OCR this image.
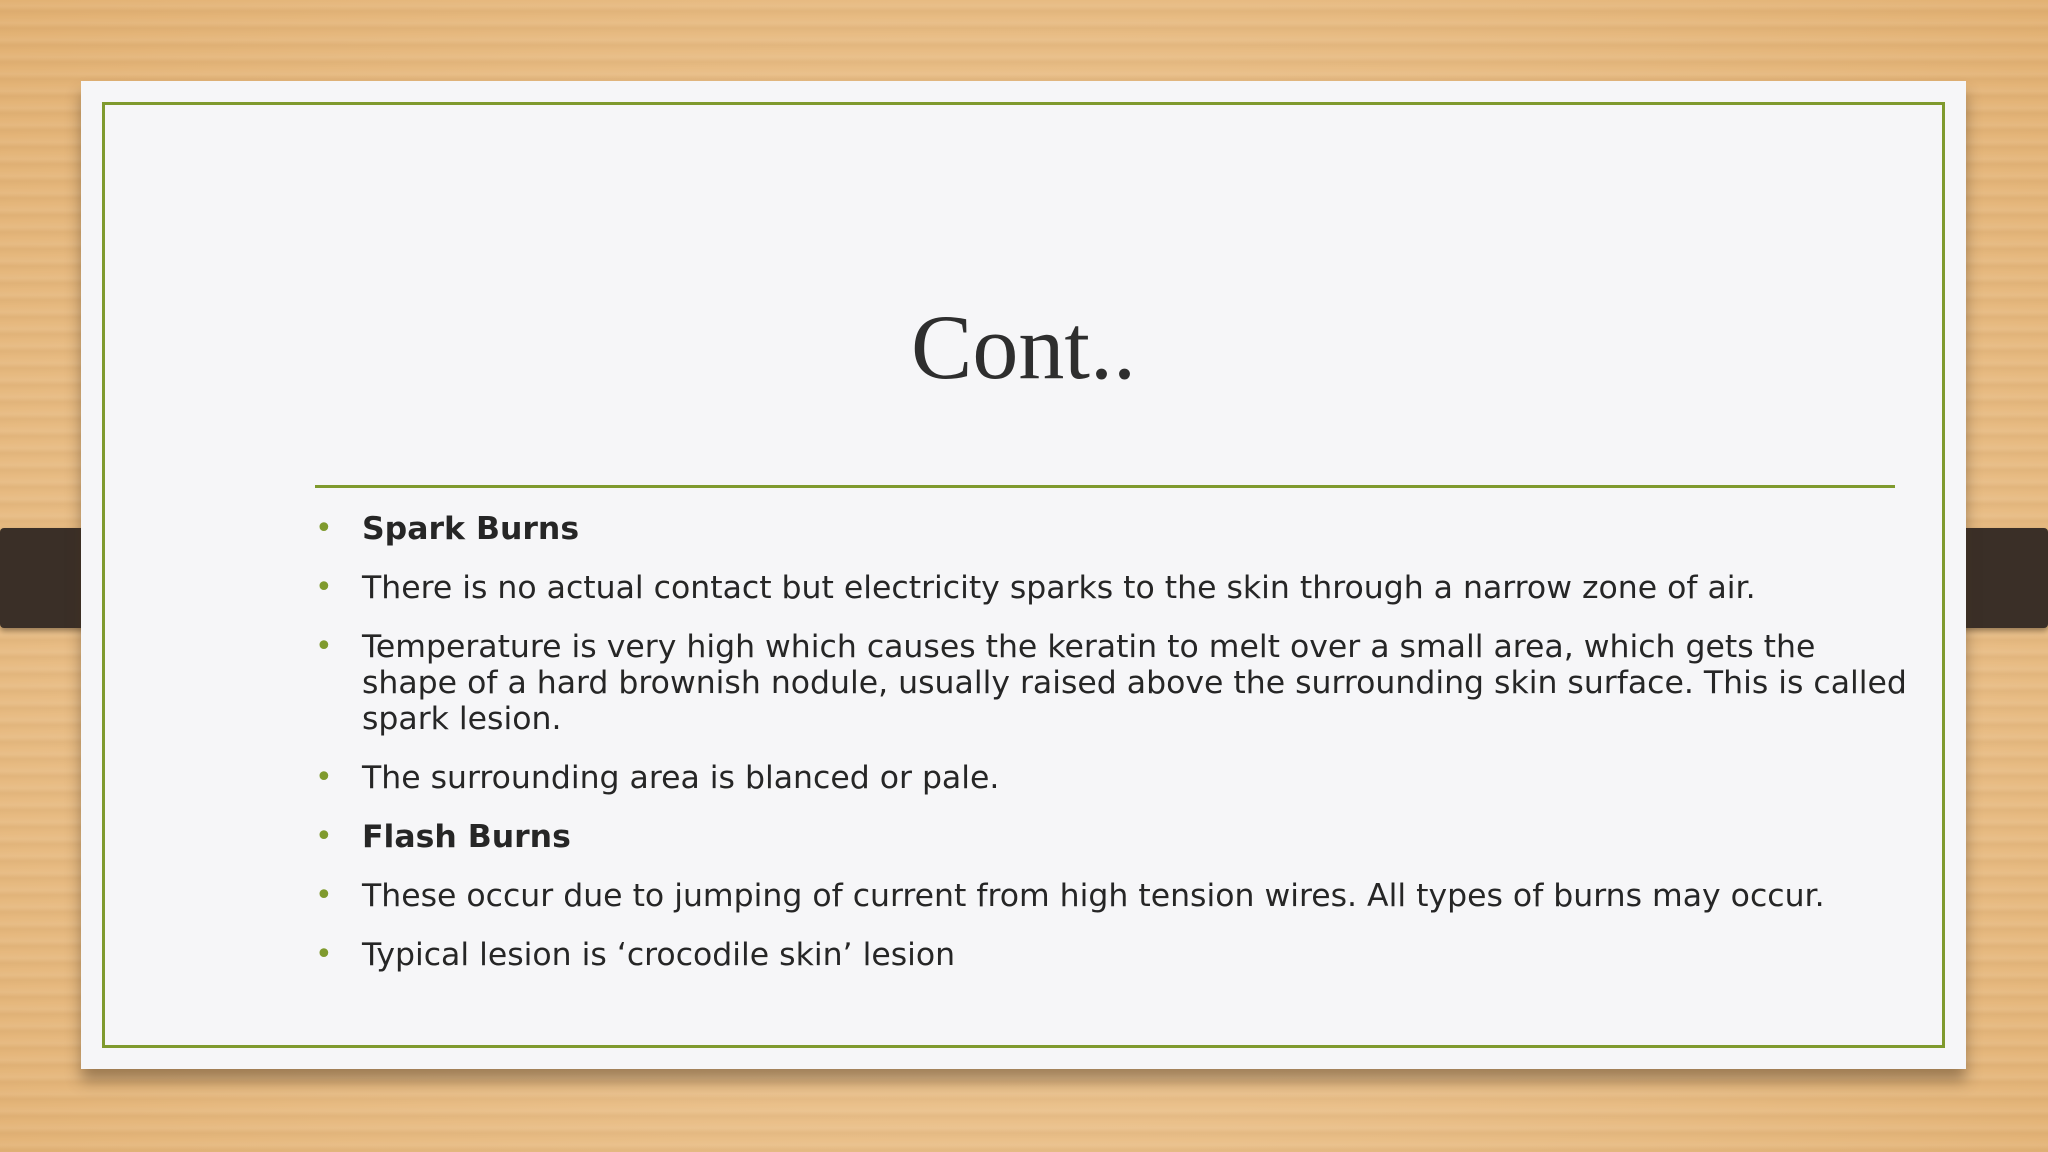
Cont..
• Spark Burns
• There is no actual contact but electricity sparks to the skin through a narrow zone of air.
• Temperature is very high which causes the keratin to melt over a small area, which gets the shape of a hard brownish nodule, usually raised above the surrounding skin surface. This is called spark lesion.
• The surrounding area is blanced or pale.
• Flash Burns
• These occur due to jumping of current from high tension wires. All types of burns may occur.
• Typical lesion is ‘crocodile skin’ lesion
